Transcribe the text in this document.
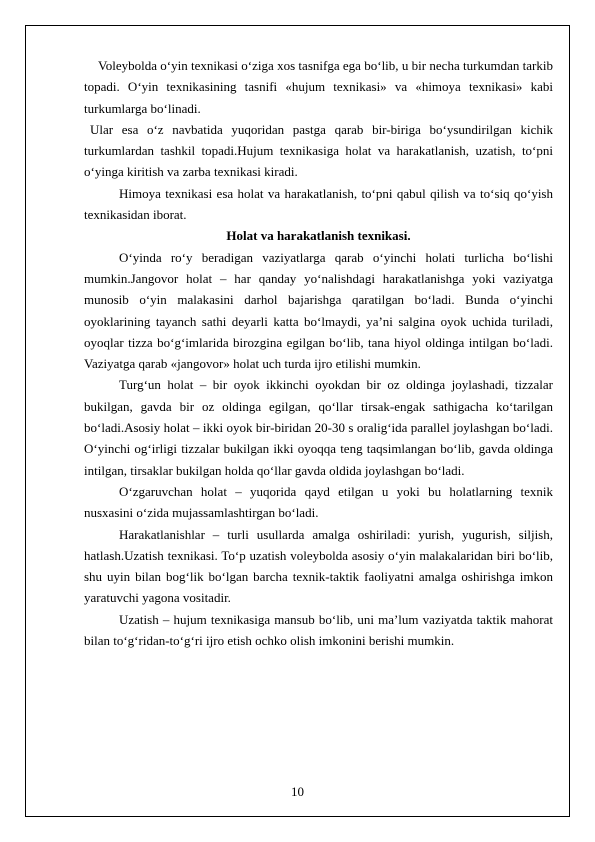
Voleybolda o‘yin texnikasi o‘ziga xos tasnifga ega bo‘lib, u bir necha turkumdan tarkib topadi. O‘yin texnikasining tasnifi «hujum texnikasi» va «himoya texnikasi» kabi turkumlarga bo‘linadi.

Ular esa o‘z navbatida yuqoridan pastga qarab bir-biriga bo‘ysundirilgan kichik turkumlardan tashkil topadi.Hujum texnikasiga holat va harakatlanish, uzatish, to‘pni o‘yinga kiritish va zarba texnikasi kiradi.

Himoya texnikasi esa holat va harakatlanish, to‘pni qabul qilish va to‘siq qo‘yish texnikasidan iborat.

Holat va harakatlanish texnikasi.

O‘yinda ro‘y beradigan vaziyatlarga qarab o‘yinchi holati turlicha bo‘lishi mumkin.Jangovor holat – har qanday yo‘nalishdagi harakatlanishga yoki vaziyatga munosib o‘yin malakasini darhol bajarishga qaratilgan bo‘ladi. Bunda o‘yinchi oyoklarining tayanch sathi deyarli katta bo‘lmaydi, ya’ni salgina oyok uchida turiladi, oyoqlar tizza bo‘g‘imlarida birozgina egilgan bo‘lib, tana hiyol oldinga intilgan bo‘ladi. Vaziyatga qarab «jangovor» holat uch turda ijro etilishi mumkin.

Turg‘un holat – bir oyok ikkinchi oyokdan bir oz oldinga joylashadi, tizzalar bukilgan, gavda bir oz oldinga egilgan, qo‘llar tirsak-engak sathigacha ko‘tarilgan bo‘ladi.Asosiy holat – ikki oyok bir-biridan 20-30 s oralig‘ida parallel joylashgan bo‘ladi. O‘yinchi og‘irligi tizzalar bukilgan ikki oyoqqa teng taqsimlangan bo‘lib, gavda oldinga intilgan, tirsaklar bukilgan holda qo‘llar gavda oldida joylashgan bo‘ladi.

O‘zgaruvchan holat – yuqorida qayd etilgan u yoki bu holatlarning texnik nusxasini o‘zida mujassamlashtirgan bo‘ladi.

Harakatlanishlar – turli usullarda amalga oshiriladi: yurish, yugurish, siljish, hatlash.Uzatish texnikasi. To‘p uzatish voleybolda asosiy o‘yin malakalaridan biri bo‘lib, shu uyin bilan bog‘lik bo‘lgan barcha texnik-taktik faoliyatni amalga oshirishga imkon yaratuvchi yagona vositadir.

Uzatish – hujum texnikasiga mansub bo‘lib, uni ma’lum vaziyatda taktik mahorat bilan to‘g‘ridan-to‘g‘ri ijro etish ochko olish imkonini berishi mumkin.

10
